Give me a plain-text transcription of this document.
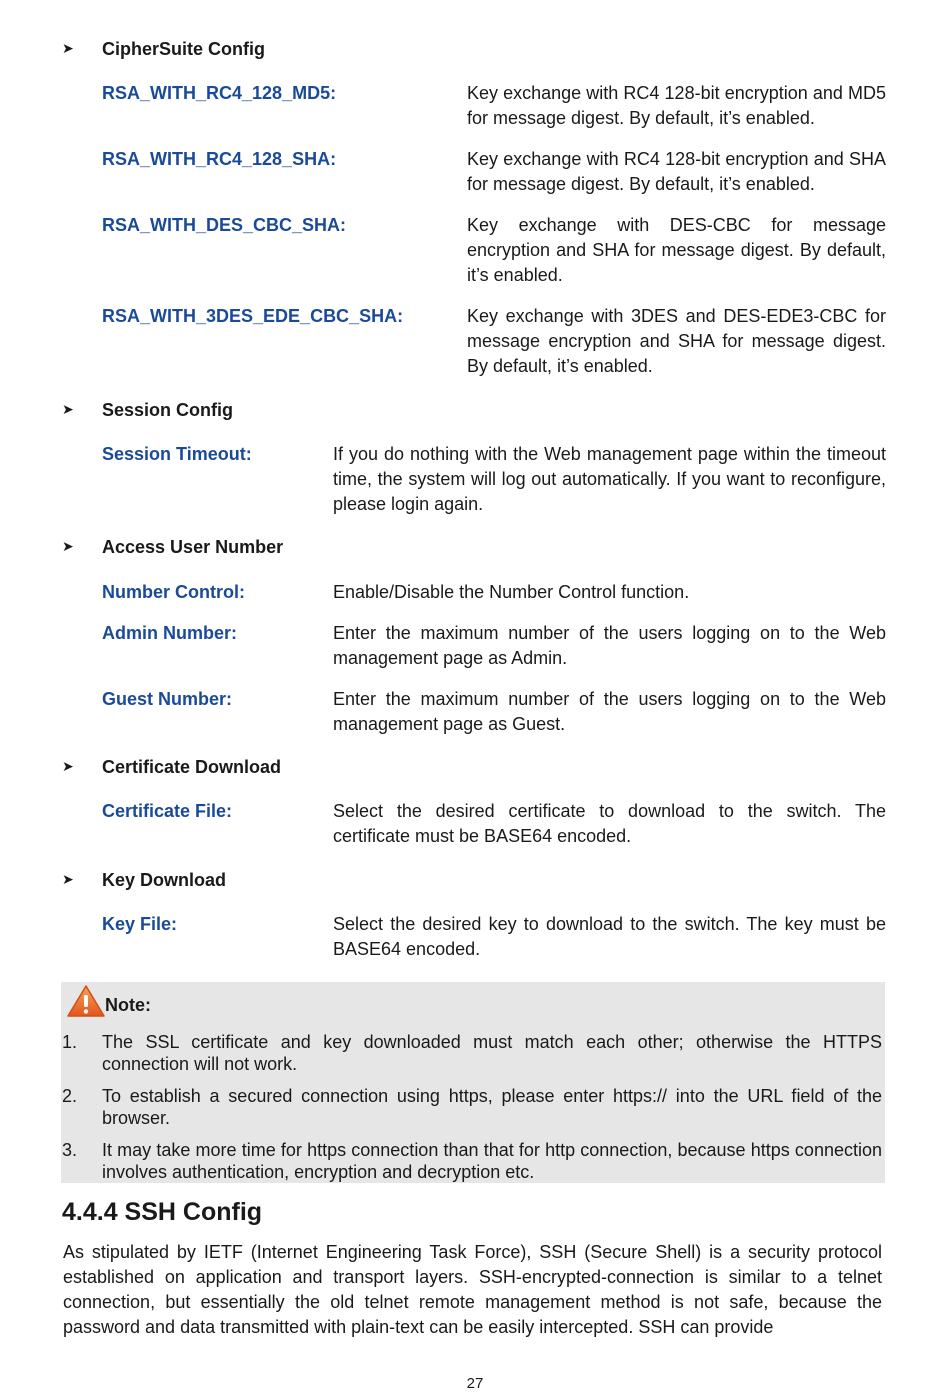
➤	CipherSuite Config
RSA_WITH_RC4_128_MD5:	Key exchange with RC4 128-bit encryption and MD5 for message digest. By default, it’s enabled.
RSA_WITH_RC4_128_SHA:	Key exchange with RC4 128-bit encryption and SHA for message digest. By default, it’s enabled.
RSA_WITH_DES_CBC_SHA:	Key exchange with DES-CBC for message encryption and SHA for message digest. By default, it’s enabled.
RSA_WITH_3DES_EDE_CBC_SHA:	Key exchange with 3DES and DES-EDE3-CBC for message encryption and SHA for message digest. By default, it’s enabled.
➤	Session Config
Session Timeout:	If you do nothing with the Web management page within the timeout time, the system will log out automatically. If you want to reconfigure, please login again.
➤	Access User Number
Number Control:	Enable/Disable the Number Control function.
Admin Number:	Enter the maximum number of the users logging on to the Web management page as Admin.
Guest Number:	Enter the maximum number of the users logging on to the Web management page as Guest.
➤	Certificate Download
Certificate File:	Select the desired certificate to download to the switch. The certificate must be BASE64 encoded.
➤	Key Download
Key File:	Select the desired key to download to the switch. The key must be BASE64 encoded.
Note:
1.	The SSL certificate and key downloaded must match each other; otherwise the HTTPS connection will not work.
2.	To establish a secured connection using https, please enter https:// into the URL field of the browser.
3.	It may take more time for https connection than that for http connection, because https connection involves authentication, encryption and decryption etc.
4.4.4 SSH Config
As stipulated by IETF (Internet Engineering Task Force), SSH (Secure Shell) is a security protocol established on application and transport layers. SSH-encrypted-connection is similar to a telnet connection, but essentially the old telnet remote management method is not safe, because the password and data transmitted with plain-text can be easily intercepted. SSH can provide
27
